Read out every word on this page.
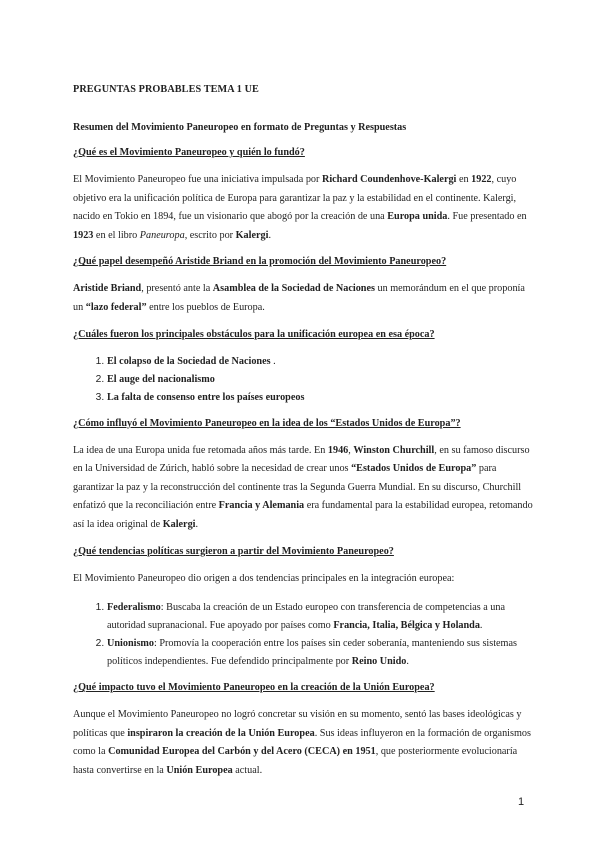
PREGUNTAS PROBABLES TEMA 1 UE
Resumen del Movimiento Paneuropeo en formato de Preguntas y Respuestas
¿Qué es el Movimiento Paneuropeo y quién lo fundó?

El Movimiento Paneuropeo fue una iniciativa impulsada por Richard Coundenhove-Kalergi en 1922, cuyo objetivo era la unificación política de Europa para garantizar la paz y la estabilidad en el continente. Kalergi, nacido en Tokio en 1894, fue un visionario que abogó por la creación de una Europa unida. Fue presentado en 1923 en el libro Paneuropa, escrito por Kalergi.

¿Qué papel desempeñó Aristide Briand en la promoción del Movimiento Paneuropeo?

Aristide Briand, presentó ante la Asamblea de la Sociedad de Naciones un memorándum en el que proponía un “lazo federal” entre los pueblos de Europa.

¿Cuáles fueron los principales obstáculos para la unificación europea en esa época?
1. El colapso de la Sociedad de Naciones .
2. El auge del nacionalismo
3. La falta de consenso entre los países europeos
¿Cómo influyó el Movimiento Paneuropeo en la idea de los “Estados Unidos de Europa”?

La idea de una Europa unida fue retomada años más tarde. En 1946, Winston Churchill, en su famoso discurso en la Universidad de Zúrich, habló sobre la necesidad de crear unos “Estados Unidos de Europa” para garantizar la paz y la reconstrucción del continente tras la Segunda Guerra Mundial. En su discurso, Churchill enfatizó que la reconciliación entre Francia y Alemania era fundamental para la estabilidad europea, retomando así la idea original de Kalergi.

¿Qué tendencias políticas surgieron a partir del Movimiento Paneuropeo?

El Movimiento Paneuropeo dio origen a dos tendencias principales en la integración europea:

1. Federalismo: Buscaba la creación de un Estado europeo con transferencia de competencias a una autoridad supranacional. Fue apoyado por países como Francia, Italia, Bélgica y Holanda.
2. Unionismo: Promovía la cooperación entre los países sin ceder soberanía, manteniendo sus sistemas políticos independientes. Fue defendido principalmente por Reino Unido.
¿Qué impacto tuvo el Movimiento Paneuropeo en la creación de la Unión Europea?

Aunque el Movimiento Paneuropeo no logró concretar su visión en su momento, sentó las bases ideológicas y políticas que inspiraron la creación de la Unión Europea. Sus ideas influyeron en la formación de organismos como la Comunidad Europea del Carbón y del Acero (CECA) en 1951, que posteriormente evolucionaría hasta convertirse en la Unión Europea actual.

1
